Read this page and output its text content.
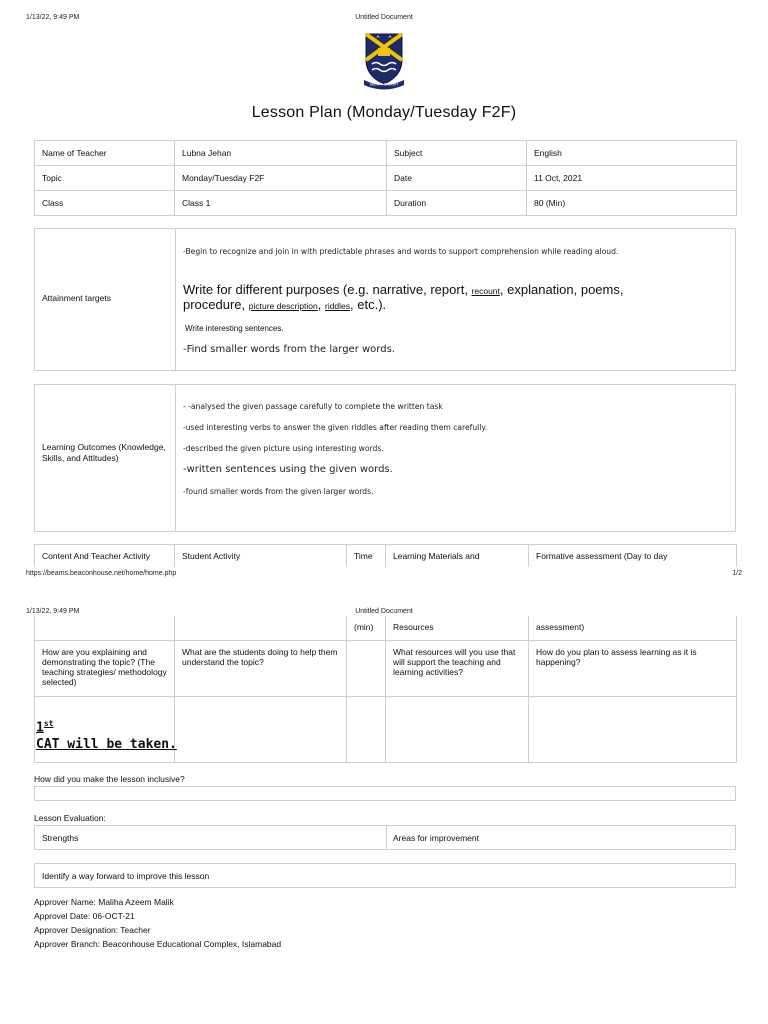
1/13/22, 9:49 PM	Untitled Document
SEEK THE LIGHT
Lesson Plan (Monday/Tuesday F2F)
Name of Teacher	Lubna Jehan	Subject	English
Topic	Monday/Tuesday F2F	Date	11 Oct, 2021
Class	Class 1	Duration	80 (Min)
Attainment targets
-Begin to recognize and join in with predictable phrases and words to support comprehension while reading aloud.
Write for different purposes (e.g. narrative, report, recount, explanation, poems,
procedure, picture description, riddles, etc.).
Write interesting sentences.
-Find smaller words from the larger words.
Learning Outcomes (Knowledge, Skills, and Attitudes)
- -analysed the given passage carefully to complete the written task
-used interesting verbs to answer the given riddles after reading them carefully.
-described the given picture using interesting words.
-written sentences using the given words.
-found smaller words from the given larger words.
Content And Teacher Activity	Student Activity	Time	Learning Materials and	Formative assessment (Day to day
https://beams.beaconhouse.net/home/home.php	1/2
1/13/22, 9:49 PM	Untitled Document
		(min)	Resources	assessment)
How are you explaining and demonstrating the topic? (The teaching strategies/ methodology selected)	What are the students doing to help them understand the topic?		What resources will you use that will support the teaching and learning activities?	How do you plan to assess learning as it is happening?

1st
CAT will be taken.
How did you make the lesson inclusive?
Lesson Evaluation:
Strengths	Areas for improvement
Identify a way forward to improve this lesson
Approver Name: Maliha Azeem Malik
Approvel Date: 06-OCT-21
Approver Designation: Teacher
Approver Branch: Beaconhouse Educational Complex, Islamabad
